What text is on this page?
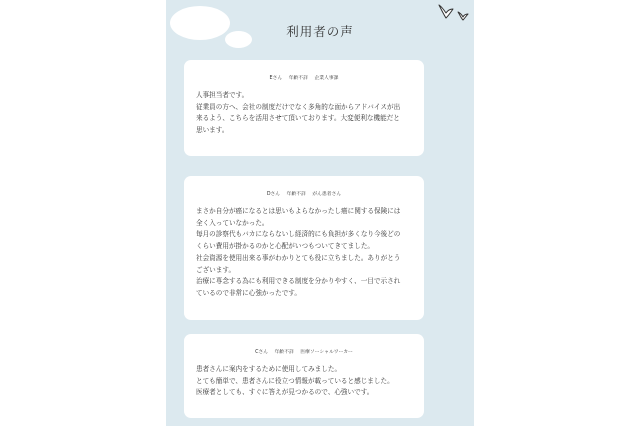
利用者の声
Eさん 年齢不詳 企業人事課
人事担当者です。
従業員の方へ、会社の制度だけでなく多角的な面からアドバイスが出
来るよう、こちらを活用させて頂いております。大変便利な機能だと
思います。
Dさん 年齢不詳 がん患者さん
まさか自分が癌になるとは思いもよらなかったし癌に関する保険には
全く入っていなかった。
毎月の診察代もバカにならないし経済的にも負担が多くなり今後どの
くらい費用が掛かるのかと心配がいつもついてきてました。
社会資源を使用出来る事がわかりとても役に立ちました。ありがとう
ございます。
治療に専念する為にも利用できる制度を分かりやすく、一目で示され
ているので非常に心強かったです。
Cさん 年齢不詳 医療ソーシャルワーカー
患者さんに案内をするために使用してみました。
とても簡単で、患者さんに役立つ情報が載っていると感じました。
医療者としても、すぐに答えが見つかるので、心強いです。
